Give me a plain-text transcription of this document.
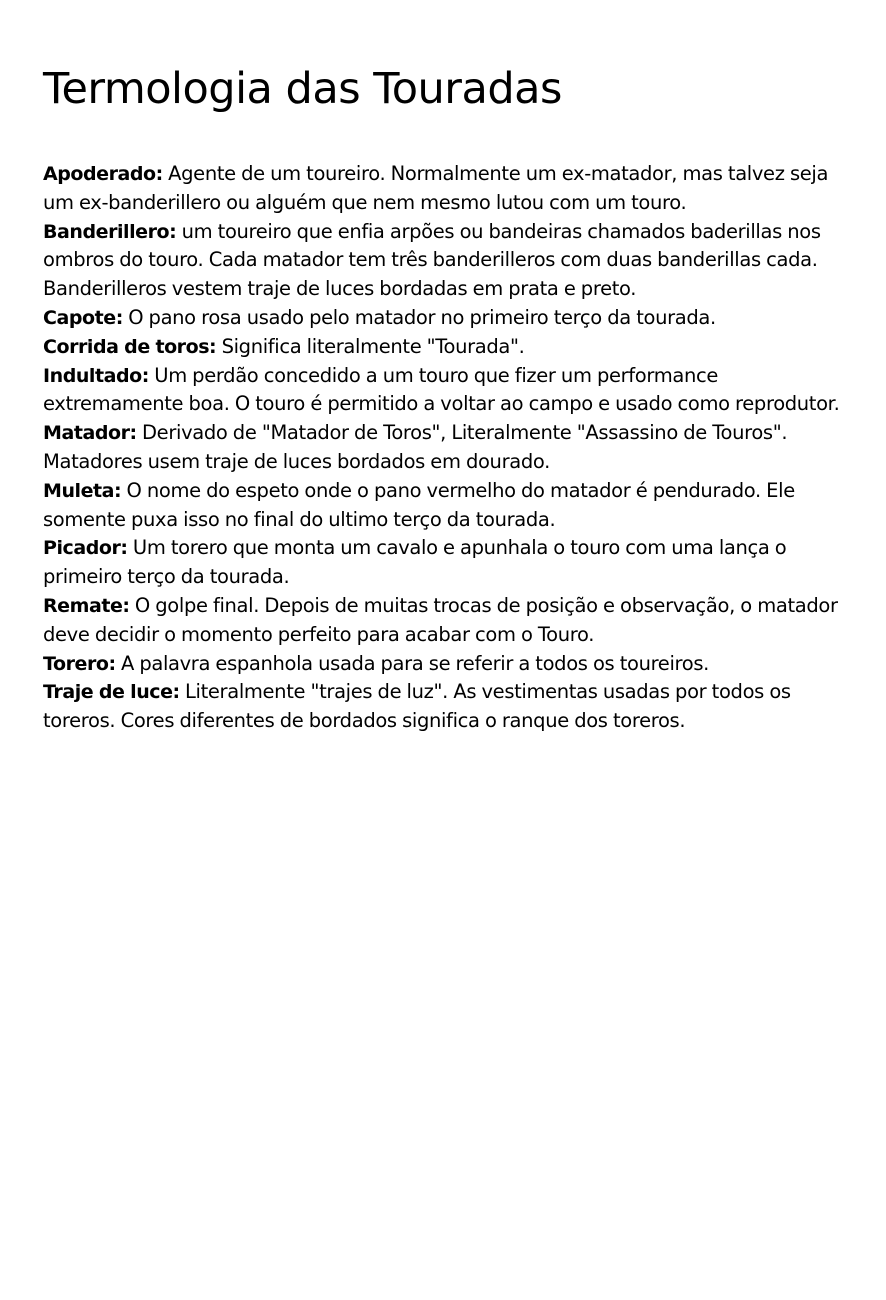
Termologia das Touradas

Apoderado: Agente de um toureiro. Normalmente um ex-matador, mas talvez seja um ex-banderillero ou alguém que nem mesmo lutou com um touro.

Banderillero: um toureiro que enfia arpões ou bandeiras chamados baderillas nos ombros do touro. Cada matador tem três banderilleros com duas banderillas cada. Banderilleros vestem traje de luces bordadas em prata e preto.

Capote: O pano rosa usado pelo matador no primeiro terço da tourada.

Corrida de toros: Significa literalmente "Tourada".

Indultado: Um perdão concedido a um touro que fizer um performance extremamente boa. O touro é permitido a voltar ao campo e usado como reprodutor.

Matador: Derivado de "Matador de Toros", Literalmente "Assassino de Touros". Matadores usem traje de luces bordados em dourado.

Muleta: O nome do espeto onde o pano vermelho do matador é pendurado. Ele somente puxa isso no final do ultimo terço da tourada.

Picador: Um torero que monta um cavalo e apunhala o touro com uma lança o primeiro terço da tourada.

Remate: O golpe final. Depois de muitas trocas de posição e observação, o matador deve decidir o momento perfeito para acabar com o Touro.

Torero: A palavra espanhola usada para se referir a todos os toureiros.

Traje de luce: Literalmente "trajes de luz". As vestimentas usadas por todos os toreros. Cores diferentes de bordados significa o ranque dos toreros.
